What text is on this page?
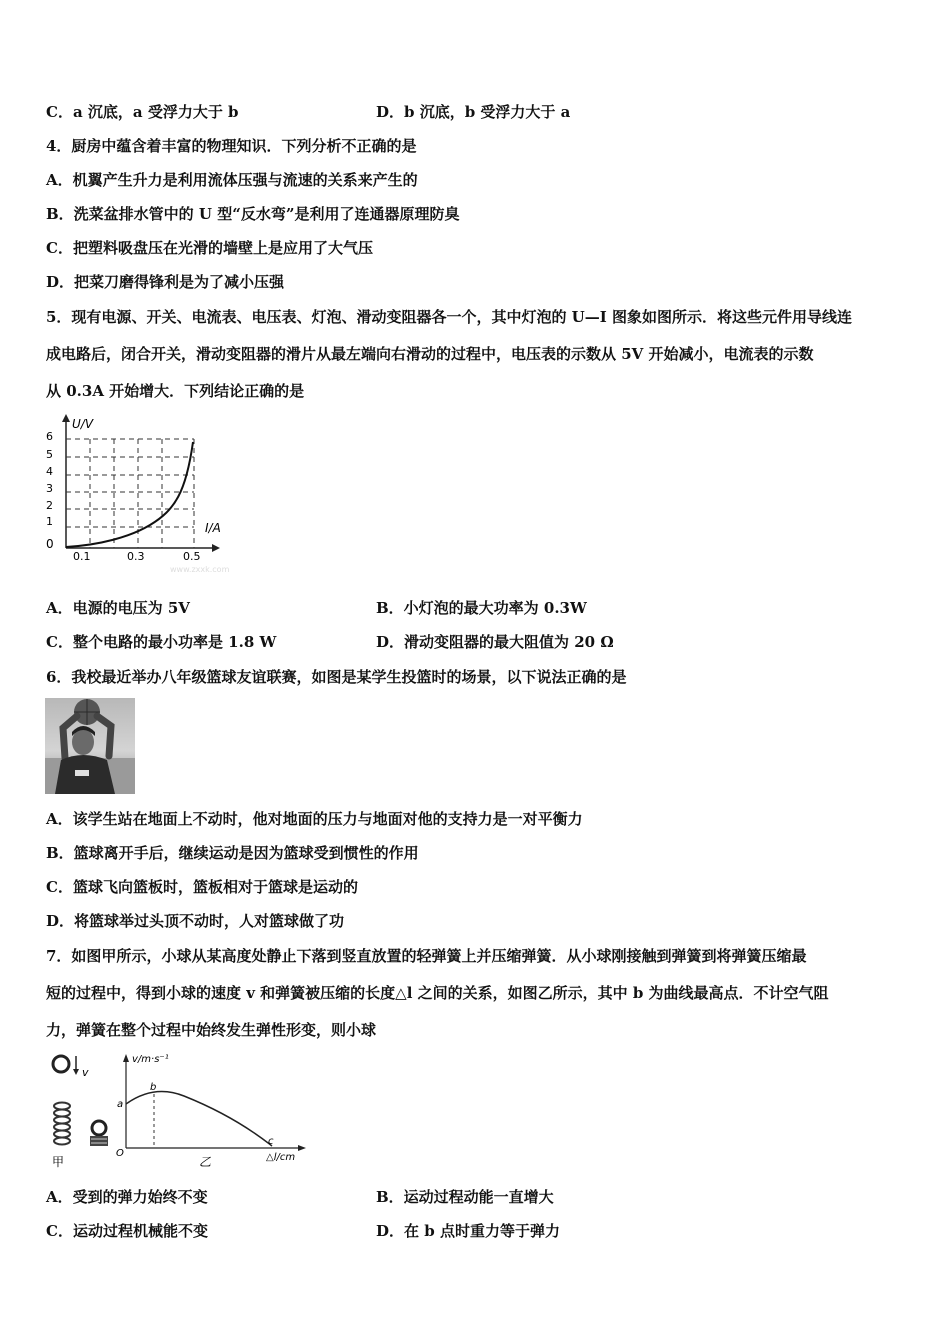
C．a 沉底，a 受浮力大于 b	D．b 沉底，b 受浮力大于 a
4．厨房中蕴含着丰富的物理知识．下列分析不正确的是
A．机翼产生升力是利用流体压强与流速的关系来产生的
B．洗菜盆排水管中的 U 型“反水弯”是利用了连通器原理防臭
C．把塑料吸盘压在光滑的墙壁上是应用了大气压
D．把菜刀磨得锋利是为了减小压强
5．现有电源、开关、电流表、电压表、灯泡、滑动变阻器各一个，其中灯泡的 U—I 图象如图所示．将这些元件用导线连
成电路后，闭合开关，滑动变阻器的滑片从最左端向右滑动的过程中，电压表的示数从 5V 开始减小，电流表的示数
从 0.3A 开始增大．下列结论正确的是
U/V
I/A
0
1
2
3
4
5
6
0.1	0.3	0.5
www.zxxk.com
A．电源的电压为 5V	B．小灯泡的最大功率为 0.3W
C．整个电路的最小功率是 1.8 W	D．滑动变阻器的最大阻值为 20 Ω
6．我校最近举办八年级篮球友谊联赛，如图是某学生投篮时的场景，以下说法正确的是
A．该学生站在地面上不动时，他对地面的压力与地面对他的支持力是一对平衡力
B．篮球离开手后，继续运动是因为篮球受到惯性的作用
C．篮球飞向篮板时，篮板相对于篮球是运动的
D．将篮球举过头顶不动时，人对篮球做了功
7．如图甲所示，小球从某高度处静止下落到竖直放置的轻弹簧上并压缩弹簧．从小球刚接触到弹簧到将弹簧压缩最
短的过程中，得到小球的速度 v 和弹簧被压缩的长度△l 之间的关系，如图乙所示，其中 b 为曲线最高点．不计空气阻
力，弹簧在整个过程中始终发生弹性形变，则小球
v
甲
v/m·s⁻¹
△l/cm
a
b
c
O
乙
A．受到的弹力始终不变	B．运动过程动能一直增大
C．运动过程机械能不变	D．在 b 点时重力等于弹力
